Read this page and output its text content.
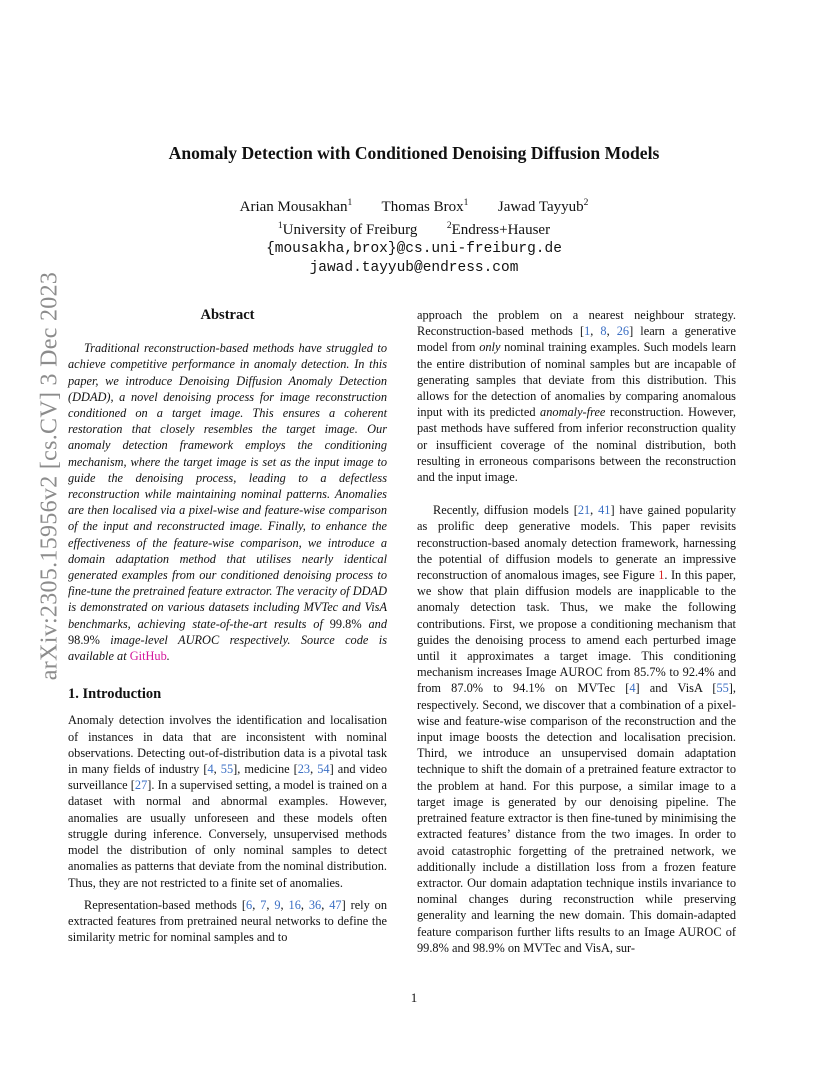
arXiv:2305.15956v2 [cs.CV] 3 Dec 2023
Anomaly Detection with Conditioned Denoising Diffusion Models
Arian Mousakhan$^1$ Thomas Brox$^1$ Jawad Tayyub$^2$
$^1$University of Freiburg	$^2$Endress+Hauser
{mousakha,brox}@cs.uni-freiburg.de
jawad.tayyub@endress.com
Abstract

Traditional reconstruction-based methods have struggled to achieve competitive performance in anomaly detection. In this paper, we introduce Denoising Diffusion Anomaly Detection (DDAD), a novel denoising process for image reconstruction conditioned on a target image. This ensures a coherent restoration that closely resembles the target image. Our anomaly detection framework employs the conditioning mechanism, where the target image is set as the input image to guide the denoising process, leading to a defectless reconstruction while maintaining nominal patterns. Anomalies are then localised via a pixel-wise and feature-wise comparison of the input and reconstructed image. Finally, to enhance the effectiveness of the feature-wise comparison, we introduce a domain adaptation method that utilises nearly identical generated examples from our conditioned denoising process to fine-tune the pretrained feature extractor. The veracity of DDAD is demonstrated on various datasets including MVTec and VisA benchmarks, achieving state-of-the-art results of 99.8% and 98.9% image-level AUROC respectively. Source code is available at GitHub.

1. Introduction

Anomaly detection involves the identification and localisation of instances in data that are inconsistent with nominal observations. Detecting out-of-distribution data is a pivotal task in many fields of industry [4, 55], medicine [23, 54] and video surveillance [27]. In a supervised setting, a model is trained on a dataset with normal and abnormal examples. However, anomalies are usually unforeseen and these models often struggle during inference. Conversely, unsupervised methods model the distribution of only nominal samples to detect anomalies as patterns that deviate from the nominal distribution. Thus, they are not restricted to a finite set of anomalies.

Representation-based methods [6, 7, 9, 16, 36, 47] rely on extracted features from pretrained neural networks to define the similarity metric for nominal samples and to

approach the problem on a nearest neighbour strategy. Reconstruction-based methods [1, 8, 26] learn a generative model from only nominal training examples. Such models learn the entire distribution of nominal samples but are incapable of generating samples that deviate from this distribution. This allows for the detection of anomalies by comparing anomalous input with its predicted anomaly-free reconstruction. However, past methods have suffered from inferior reconstruction quality or insufficient coverage of the nominal distribution, both resulting in erroneous comparisons between the reconstruction and the input image.

Recently, diffusion models [21, 41] have gained popularity as prolific deep generative models. This paper revisits reconstruction-based anomaly detection framework, harnessing the potential of diffusion models to generate an impressive reconstruction of anomalous images, see Figure 1. In this paper, we show that plain diffusion models are inapplicable to the anomaly detection task. Thus, we make the following contributions. First, we propose a conditioning mechanism that guides the denoising process to amend each perturbed image until it approximates a target image. This conditioning mechanism increases Image AUROC from 85.7% to 92.4% and from 87.0% to 94.1% on MVTec [4] and VisA [55], respectively. Second, we discover that a combination of a pixel-wise and feature-wise comparison of the reconstruction and the input image boosts the detection and localisation precision. Third, we introduce an unsupervised domain adaptation technique to shift the domain of a pretrained feature extractor to the problem at hand. For this purpose, a similar image to a target image is generated by our denoising pipeline. The pretrained feature extractor is then fine-tuned by minimising the extracted features’ distance from the two images. In order to avoid catastrophic forgetting of the pretrained network, we additionally include a distillation loss from a frozen feature extractor. Our domain adaptation technique instils invariance to nominal changes during reconstruction while preserving generality and learning the new domain. This domain-adapted feature comparison further lifts results to an Image AUROC of 99.8% and 98.9% on MVTec and VisA, sur-

1
